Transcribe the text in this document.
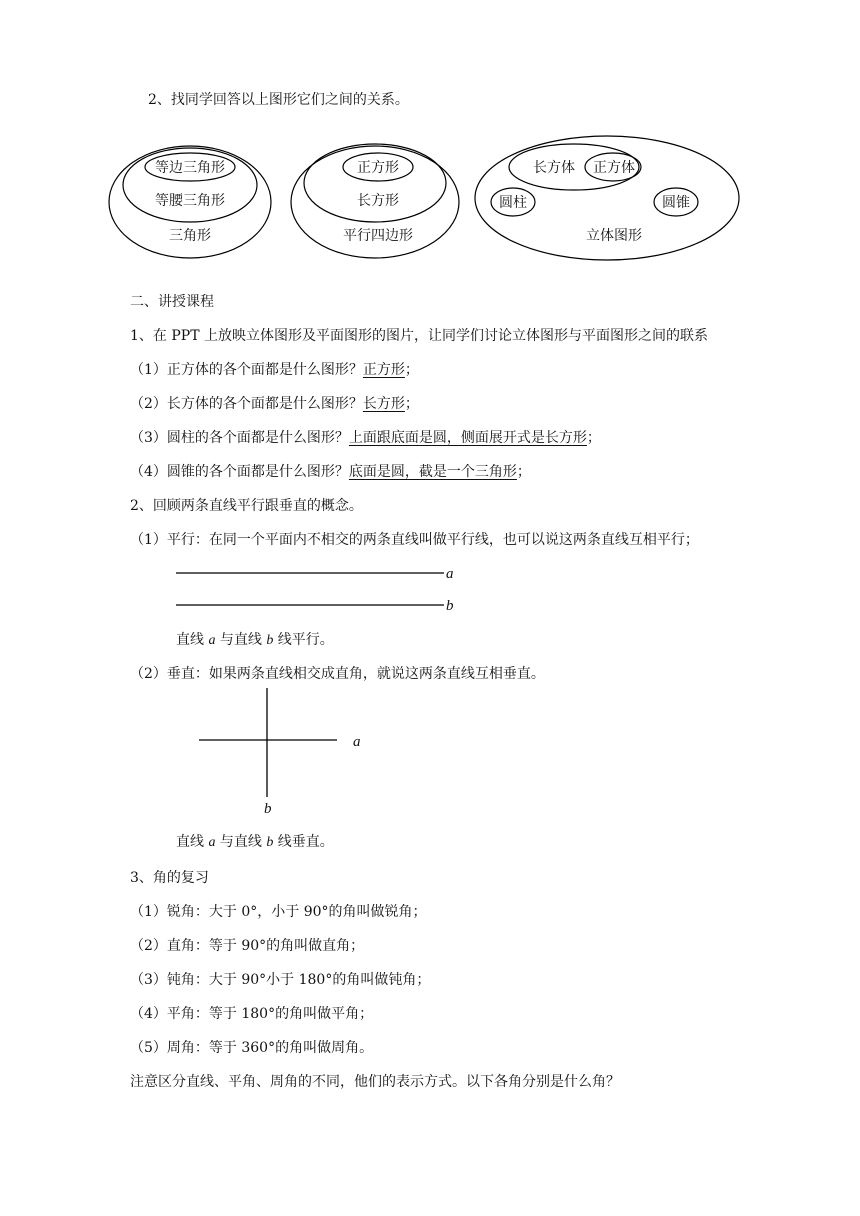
2、找同学回答以上图形它们之间的关系。
等边三角形
等腰三角形
三角形
正方形
长方形
平行四边形
长方体 正方体
圆柱	圆锥
立体图形
a
b
a
b
二、讲授课程
1、在 PPT 上放映立体图形及平面图形的图片，让同学们讨论立体图形与平面图形之间的联系
（1）正方体的各个面都是什么图形？正方形；
（2）长方体的各个面都是什么图形？长方形；
（3）圆柱的各个面都是什么图形？上面跟底面是圆，侧面展开式是长方形；
（4）圆锥的各个面都是什么图形？底面是圆，截是一个三角形；
2、回顾两条直线平行跟垂直的概念。
（1）平行：在同一个平面内不相交的两条直线叫做平行线，也可以说这两条直线互相平行；
直线 a 与直线 b 线平行。
（2）垂直：如果两条直线相交成直角，就说这两条直线互相垂直。
直线 a 与直线 b 线垂直。
3、角的复习
（1）锐角：大于 0°，小于 90°的角叫做锐角；
（2）直角：等于 90°的角叫做直角；
（3）钝角：大于 90°小于 180°的角叫做钝角；
（4）平角：等于 180°的角叫做平角；
（5）周角：等于 360°的角叫做周角。
注意区分直线、平角、周角的不同，他们的表示方式。以下各角分别是什么角？
